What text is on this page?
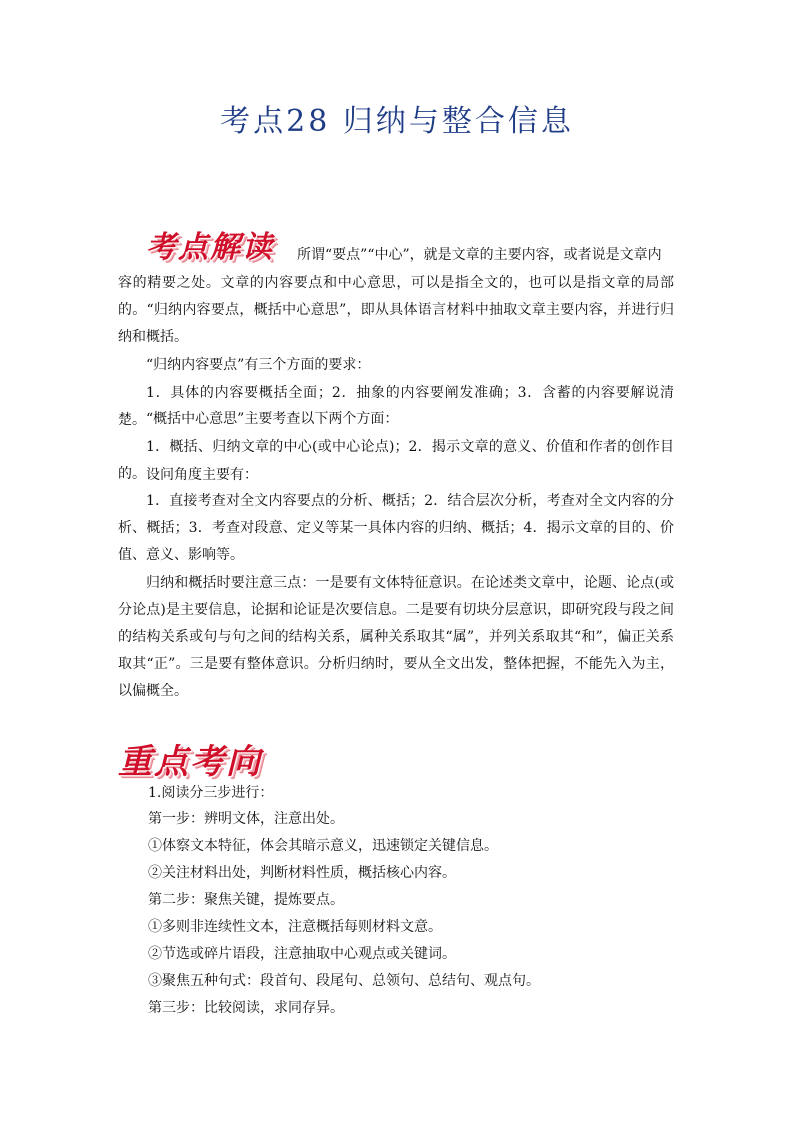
考点28 归纳与整合信息
考点解读 所谓“要点”“中心”，就是文章的主要内容，或者说是文章内

容的精要之处。文章的内容要点和中心意思，可以是指全文的，也可以是指文章的局部的。“归纳内容要点，概括中心意思”，即从具体语言材料中抽取文章主要内容，并进行归纳和概括。

“归纳内容要点”有三个方面的要求：

1．具体的内容要概括全面；2．抽象的内容要阐发准确；3．含蓄的内容要解说清楚。 “概括中心意思”主要考查以下两个方面：

1．概括、归纳文章的中心(或中心论点)；2．揭示文章的意义、价值和作者的创作目的。 设问角度主要有：

1．直接考查对全文内容要点的分析、概括；2．结合层次分析，考查对全文内容的分析、概括；3．考查对段意、定义等某一具体内容的归纳、概括；4．揭示文章的目的、价值、意义、影响等。

归纳和概括时要注意三点：一是要有文体特征意识。在论述类文章中，论题、论点(或分论点)是主要信息，论据和论证是次要信息。二是要有切块分层意识，即研究段与段之间的结构关系或句与句之间的结构关系，属种关系取其“属”，并列关系取其“和”，偏正关系取其“正”。三是要有整体意识。分析归纳时，要从全文出发，整体把握，不能先入为主，以偏概全。

重点考向

1.阅读分三步进行：

第一步：辨明文体，注意出处。

①体察文本特征，体会其暗示意义，迅速锁定关键信息。

②关注材料出处，判断材料性质，概括核心内容。

第二步：聚焦关键，提炼要点。

①多则非连续性文本，注意概括每则材料文意。

②节选或碎片语段，注意抽取中心观点或关键词。

③聚焦五种句式：段首句、段尾句、总领句、总结句、观点句。

第三步：比较阅读，求同存异。
